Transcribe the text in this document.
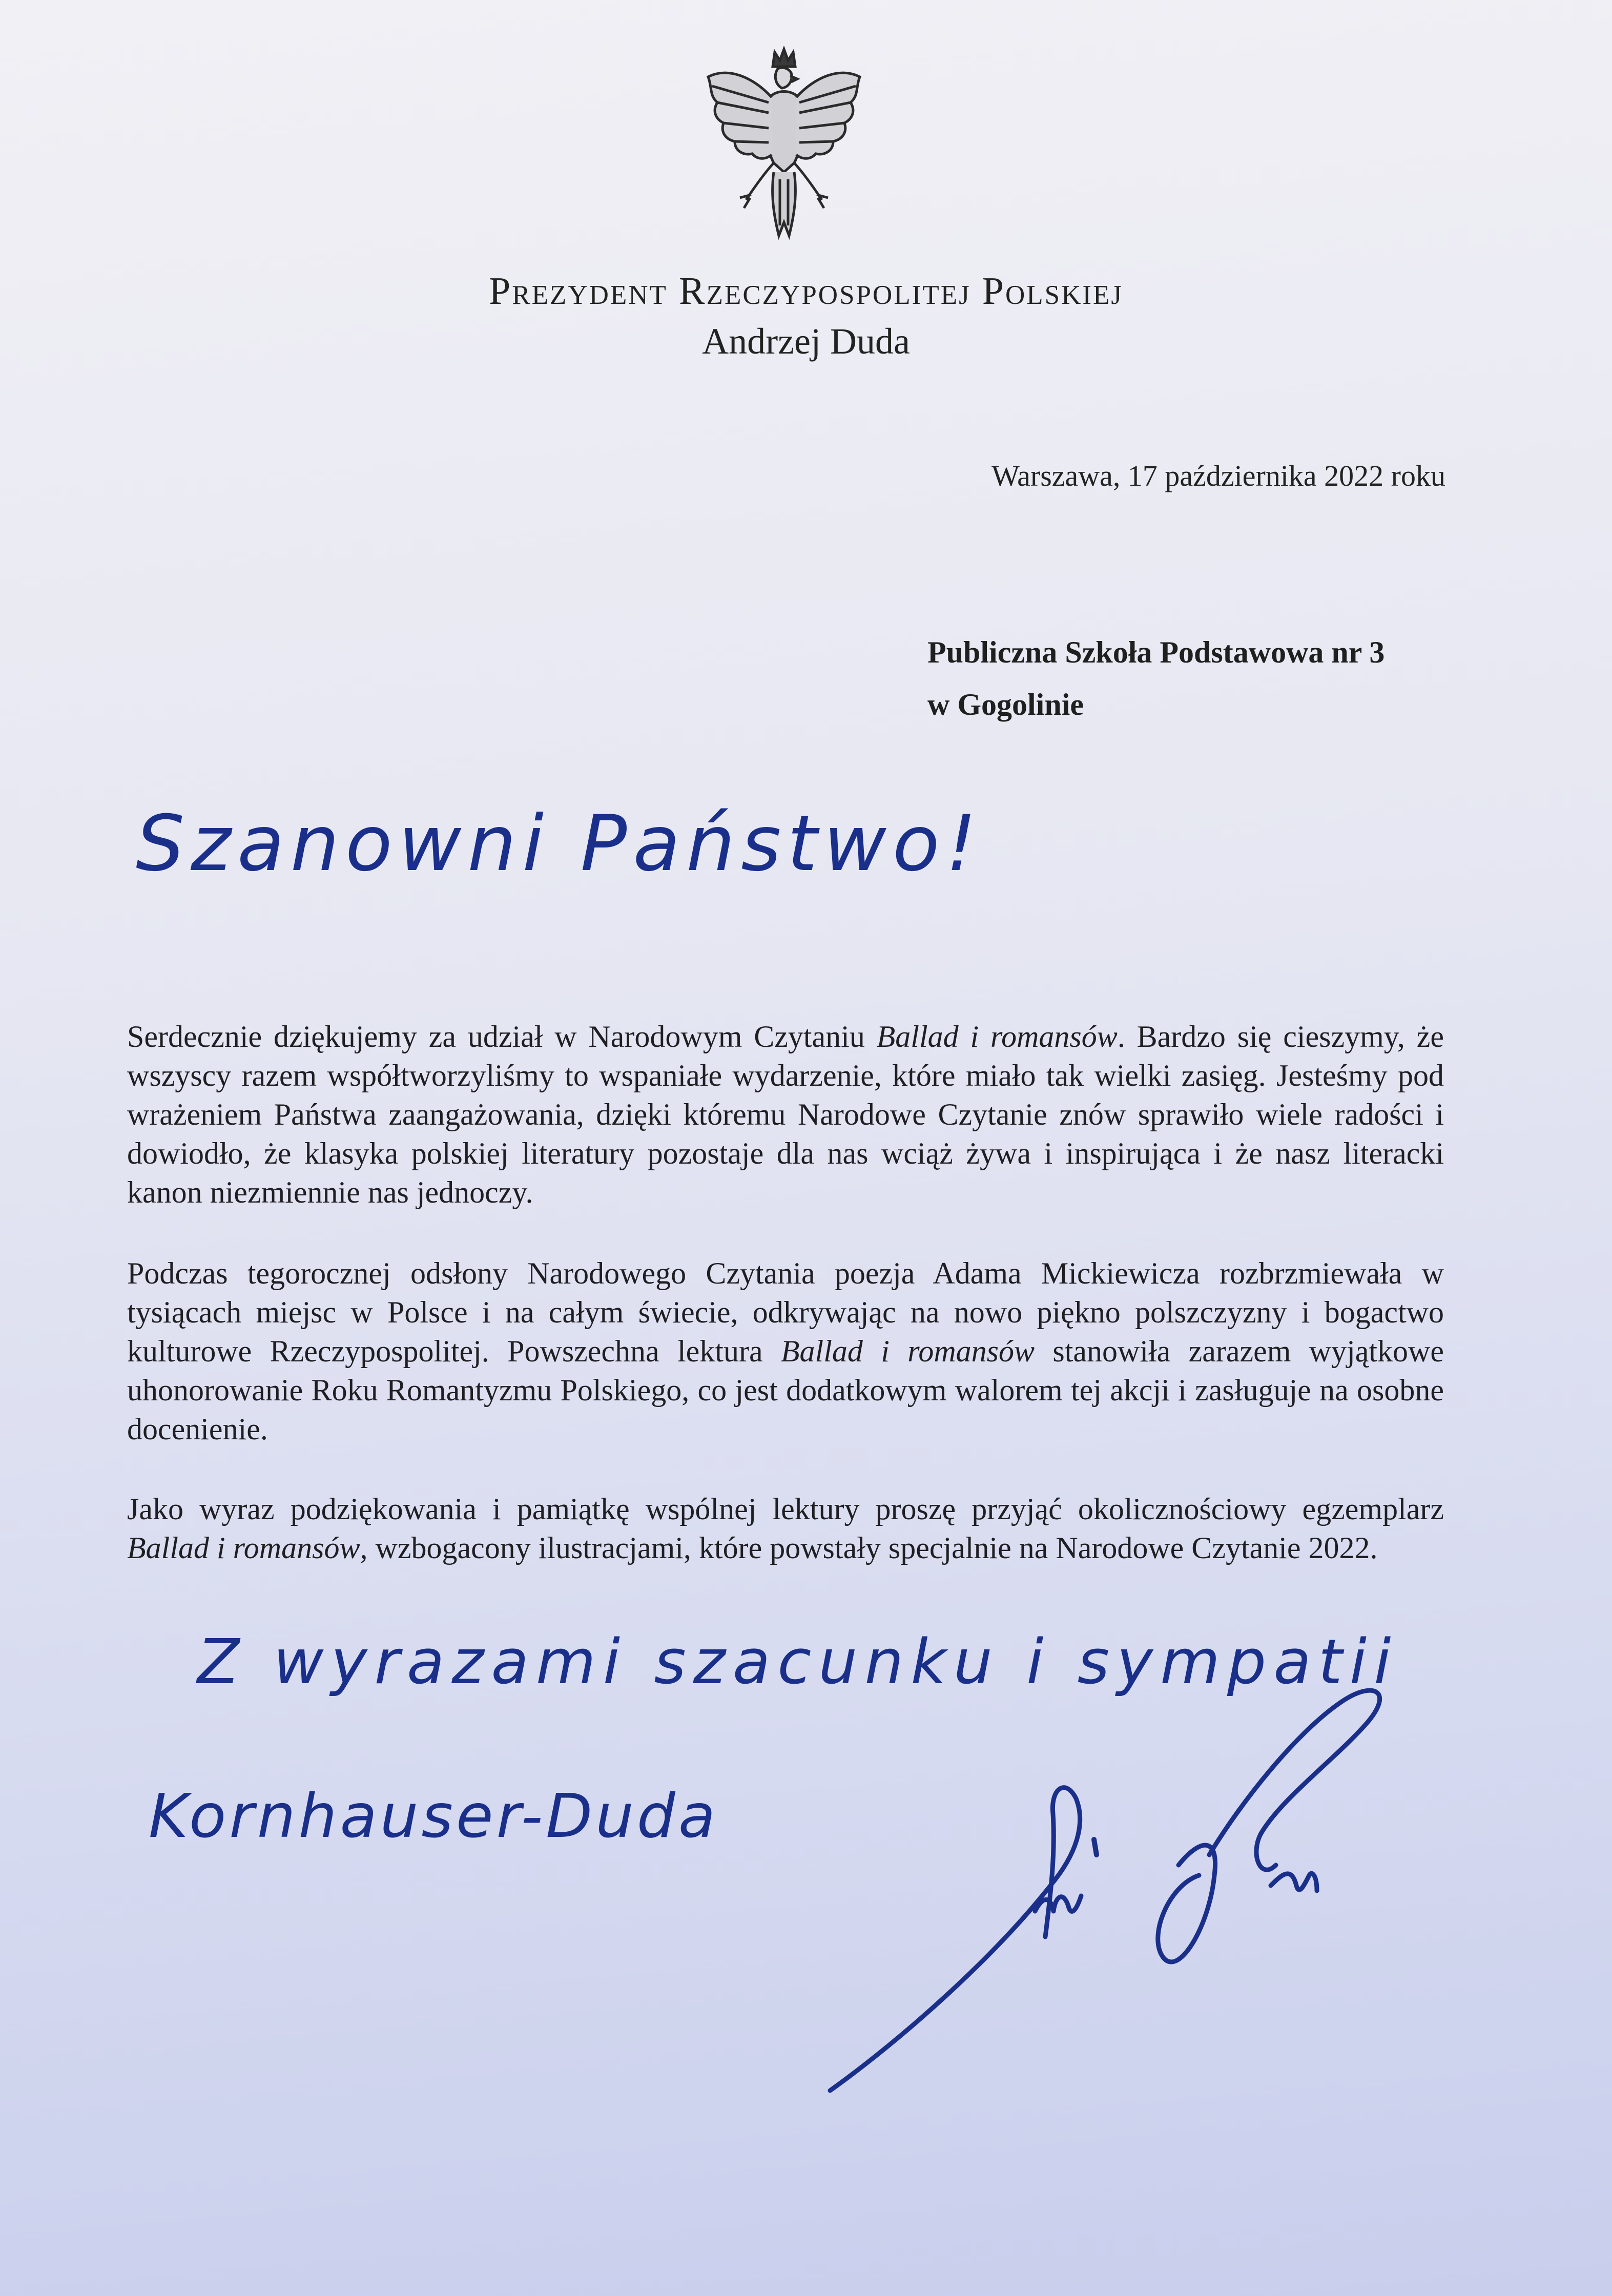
Prezydent Rzeczypospolitej Polskiej
Andrzej Duda
Warszawa, 17 października 2022 roku
Publiczna Szkoła Podstawowa nr 3
w Gogolinie
Szanowni Państwo!
Serdecznie dziękujemy za udział w Narodowym Czytaniu Ballad i romansów. Bardzo się cieszymy, że wszyscy razem współtworzyliśmy to wspaniałe wydarzenie, które miało tak wielki zasięg. Jesteśmy pod wrażeniem Państwa zaangażowania, dzięki któremu Narodowe Czytanie znów sprawiło wiele radości i dowiodło, że klasyka polskiej literatury pozostaje dla nas wciąż żywa i inspirująca i że nasz literacki kanon niezmiennie nas jednoczy.
Podczas tegorocznej odsłony Narodowego Czytania poezja Adama Mickiewicza rozbrzmiewała w tysiącach miejsc w Polsce i na całym świecie, odkrywając na nowo piękno polszczyzny i bogactwo kulturowe Rzeczypospolitej. Powszechna lektura Ballad i romansów stanowiła zarazem wyjątkowe uhonorowanie Roku Romantyzmu Polskiego, co jest dodatkowym walorem tej akcji i zasługuje na osobne docenienie.
Jako wyraz podziękowania i pamiątkę wspólnej lektury proszę przyjąć okolicznościowy egzemplarz Ballad i romansów, wzbogacony ilustracjami, które powstały specjalnie na Narodowe Czytanie 2022.
Z wyrazami szacunku i sympatii
Kornhauser-Duda
